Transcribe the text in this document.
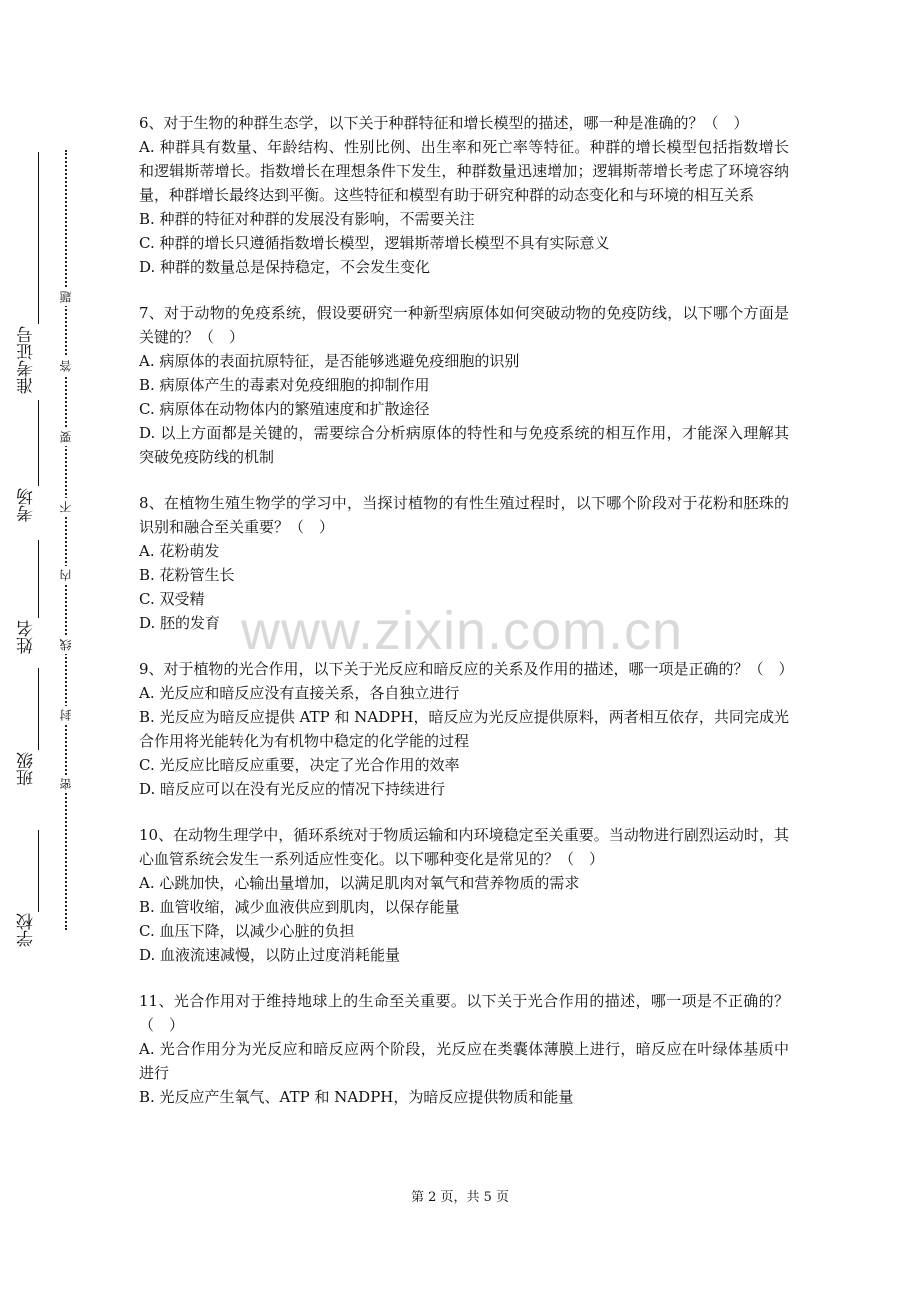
准考证号
考场
姓名
班级
学校
题
答
要
不
内
线
封
密
www.zixin.com.cn

6、对于生物的种群生态学，以下关于种群特征和增长模型的描述，哪一种是准确的？（　）

A. 种群具有数量、年龄结构、性别比例、出生率和死亡率等特征。种群的增长模型包括指数增长和逻辑斯蒂增长。指数增长在理想条件下发生，种群数量迅速增加；逻辑斯蒂增长考虑了环境容纳量，种群增长最终达到平衡。这些特征和模型有助于研究种群的动态变化和与环境的相互关系

B. 种群的特征对种群的发展没有影响，不需要关注

C. 种群的增长只遵循指数增长模型，逻辑斯蒂增长模型不具有实际意义

D. 种群的数量总是保持稳定，不会发生变化

7、对于动物的免疫系统，假设要研究一种新型病原体如何突破动物的免疫防线，以下哪个方面是关键的？（　）

A. 病原体的表面抗原特征，是否能够逃避免疫细胞的识别

B. 病原体产生的毒素对免疫细胞的抑制作用

C. 病原体在动物体内的繁殖速度和扩散途径

D. 以上方面都是关键的，需要综合分析病原体的特性和与免疫系统的相互作用，才能深入理解其突破免疫防线的机制

8、在植物生殖生物学的学习中，当探讨植物的有性生殖过程时，以下哪个阶段对于花粉和胚珠的识别和融合至关重要？（　）

A. 花粉萌发

B. 花粉管生长

C. 双受精

D. 胚的发育

9、对于植物的光合作用，以下关于光反应和暗反应的关系及作用的描述，哪一项是正确的？（　）

A. 光反应和暗反应没有直接关系，各自独立进行

B. 光反应为暗反应提供 ATP 和 NADPH，暗反应为光反应提供原料，两者相互依存，共同完成光合作用将光能转化为有机物中稳定的化学能的过程

C. 光反应比暗反应重要，决定了光合作用的效率

D. 暗反应可以在没有光反应的情况下持续进行

10、在动物生理学中，循环系统对于物质运输和内环境稳定至关重要。当动物进行剧烈运动时，其心血管系统会发生一系列适应性变化。以下哪种变化是常见的？（　）

A. 心跳加快，心输出量增加，以满足肌肉对氧气和营养物质的需求

B. 血管收缩，减少血液供应到肌肉，以保存能量

C. 血压下降，以减少心脏的负担

D. 血液流速减慢，以防止过度消耗能量

11、光合作用对于维持地球上的生命至关重要。以下关于光合作用的描述，哪一项是不正确的？（　）

A. 光合作用分为光反应和暗反应两个阶段，光反应在类囊体薄膜上进行，暗反应在叶绿体基质中进行

B. 光反应产生氧气、ATP 和 NADPH，为暗反应提供物质和能量

第 2 页，共 5 页
